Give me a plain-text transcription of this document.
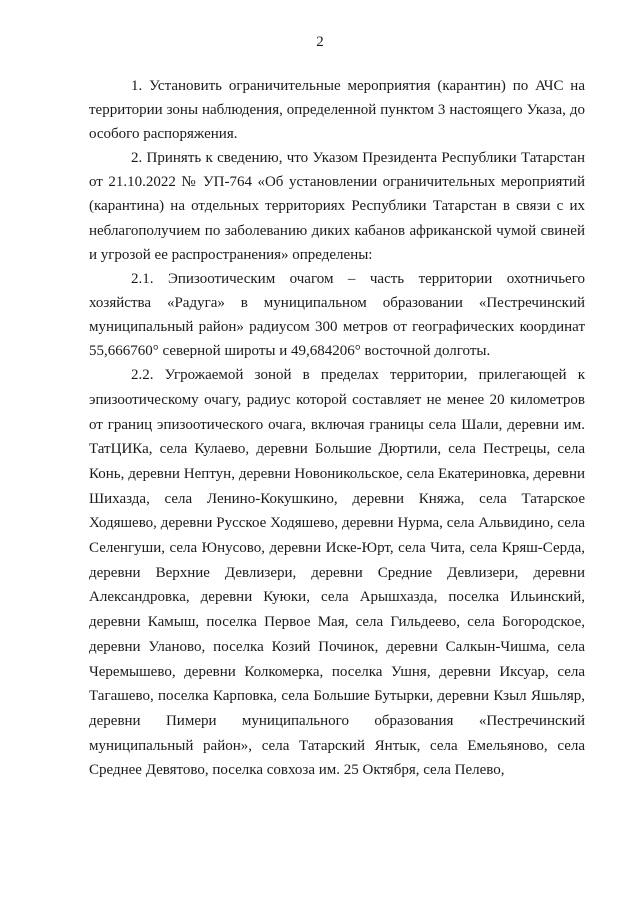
2

1. Установить ограничительные мероприятия (карантин) по АЧС на территории зоны наблюдения, определенной пунктом 3 настоящего Указа, до особого распоряжения.

2. Принять к сведению, что Указом Президента Республики Татарстан от 21.10.2022 № УП-764 «Об установлении ограничительных мероприятий (карантина) на отдельных территориях Республики Татарстан в связи с их неблагополучием по заболеванию диких кабанов африканской чумой свиней и угрозой ее распространения» определены:

2.1. Эпизоотическим очагом – часть территории охотничьего хозяйства «Радуга» в муниципальном образовании «Пестречинский муниципальный район» радиусом 300 метров от географических координат 55,666760° северной широты и 49,684206° восточной долготы.

2.2. Угрожаемой зоной в пределах территории, прилегающей к эпизоотическому очагу, радиус которой составляет не менее 20 километров от границ эпизоотического очага, включая границы села Шали, деревни им. ТатЦИКа, села Кулаево, деревни Большие Дюртили, села Пестрецы, села Конь, деревни Нептун, деревни Новоникольское, села Екатериновка, деревни Шихазда, села Ленино-Кокушкино, деревни Княжа, села Татарское Ходяшево, деревни Русское Ходяшево, деревни Нурма, села Альвидино, села Селенгуши, села Юнусово, деревни Иске-Юрт, села Чита, села Кряш-Серда, деревни Верхние Девлизери, деревни Средние Девлизери, деревни Александровка, деревни Куюки, села Арышхазда, поселка Ильинский, деревни Камыш, поселка Первое Мая, села Гильдеево, села Богородское, деревни Уланово, поселка Козий Починок, деревни Салкын-Чишма, села Черемышево, деревни Колкомерка, поселка Ушня, деревни Иксуар, села Тагашево, поселка Карповка, села Большие Бутырки, деревни Кзыл Яшьляр, деревни Пимери муниципального образования «Пестречинский муниципальный район», села Татарский Янтык, села Емельяново, села Среднее Девятово, поселка совхоза им. 25 Октября, села Пелево,
